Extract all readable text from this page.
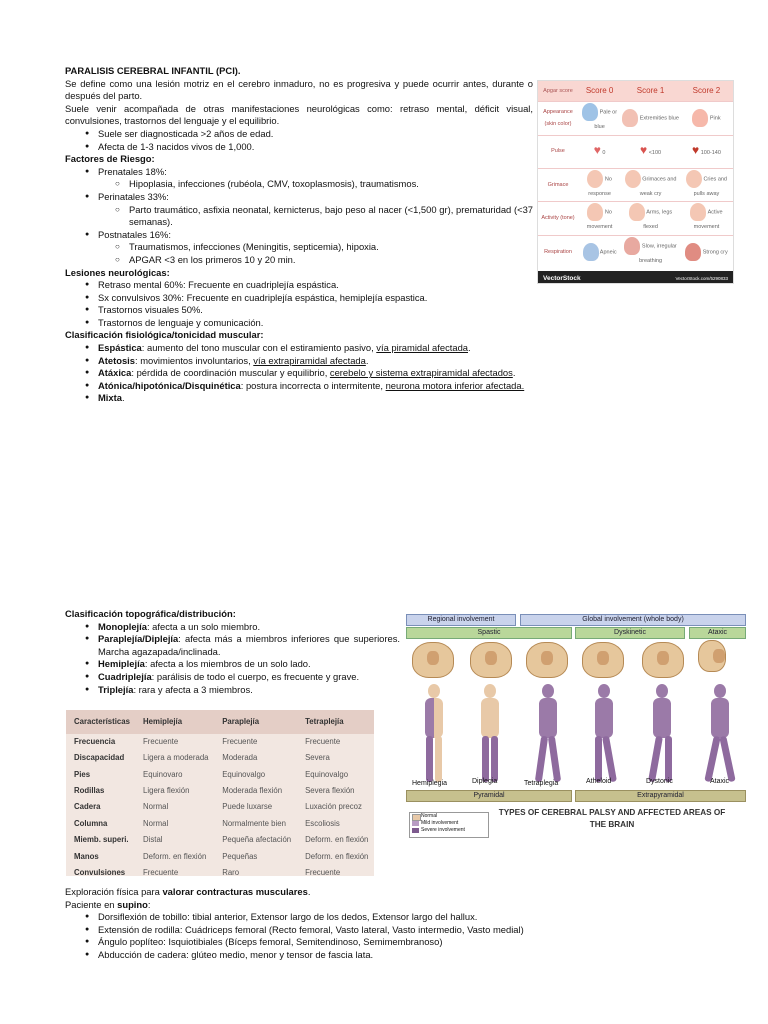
PARALISIS CEREBRAL INFANTIL (PCI).

Se define como una lesión motriz en el cerebro inmaduro, no es progresiva y puede ocurrir antes, durante o después del parto.

Suele venir acompañada de otras manifestaciones neurológicas como: retraso mental, déficit visual, convulsiones, trastornos del lenguaje y el equilibrio.

● Suele ser diagnosticada >2 años de edad.
● Afecta de 1-3 nacidos vivos de 1,000.

Factores de Riesgo:

● Prenatales 18%:
○ Hipoplasia, infecciones (rubéola, CMV, toxoplasmosis), traumatismos.
● Perinatales 33%:
○ Parto traumático, asfixia neonatal, kernicterus, bajo peso al nacer (<1,500 gr), prematuridad (<37 semanas).
● Postnatales 16%:
○ Traumatismos, infecciones (Meningitis, septicemia), hipoxia.
○ APGAR <3 en los primeros 10 y 20 min.

Lesiones neurológicas:

● Retraso mental 60%: Frecuente en cuadriplejía espástica.
● Sx convulsivos 30%: Frecuente en cuadriplejía espástica, hemiplejía espastica.
● Trastornos visuales 50%.
● Trastornos de lenguaje y comunicación.

Clasificación fisiológica/tonicidad muscular:

● Espástica: aumento del tono muscular con el estiramiento pasivo, vía piramidal afectada.
● Atetosis: movimientos involuntarios, vía extrapiramidal afectada.
● Atáxica: pérdida de coordinación muscular y equilibrio, cerebelo y sistema extrapiramidal afectados.
● Atónica/hipotónica/Disquinética: postura incorrecta o intermitente, neurona motora inferior afectada.
● Mixta.
Apgar score	Score 0	Score 1	Score 2
Appearance (skin color)	Pale or blue	Extremities blue	Pink
Pulse	♥ 0	♥ <100	♥ 100-140
Grimace	No response	Grimaces and weak cry	Cries and pulls away
Activity (tone)	No movement	Arms, legs flexed	Active movement
Respiration	Apneic	Slow, irregular breathing	Strong cry
VectorStock	VectorStock.com/5290833

Clasificación topográfica/distribución:

● Monoplejía: afecta a un solo miembro.
● Paraplejía/Diplejía: afecta más a miembros inferiores que superiores. Marcha agazapada/inclinada.
● Hemiplejía: afecta a los miembros de un solo lado.
● Cuadriplejía: parálisis de todo el cuerpo, es frecuente y grave.
● Triplejía: rara y afecta a 3 miembros.
Regional involvement	Global involvement (whole body)
Spastic	Dyskinetic	Ataxic
Hemiplegia	Diplegia	Tetraplegia	Atheloid	Dystonic	Ataxic
Pyramidal	Extrapyramidal
Normal
Mild involvement
Severe involvement
TYPES OF CEREBRAL PALSY AND AFFECTED AREAS OF THE BRAIN
Características	Hemiplejía	Paraplejía	Tetraplejía
Frecuencia	Frecuente	Frecuente	Frecuente
Discapacidad	Ligera a moderada	Moderada	Severa
Pies	Equinovaro	Equinovalgo	Equinovalgo
Rodillas	Ligera flexión	Moderada flexión	Severa flexión
Cadera	Normal	Puede luxarse	Luxación precoz
Columna	Normal	Normalmente bien	Escoliosis
Miemb. superi.	Distal	Pequeña afectación	Deform. en flexión
Manos	Deform. en flexión	Pequeñas	Deform. en flexión
Convulsiones	Frecuente	Raro	Frecuente

Exploración física para valorar contracturas musculares.

Paciente en supino:

● Dorsiflexión de tobillo: tibial anterior, Extensor largo de los dedos, Extensor largo del hallux.
● Extensión de rodilla: Cuádriceps femoral (Recto femoral, Vasto lateral, Vasto intermedio, Vasto medial)
● Ángulo poplíteo: Isquiotibiales (Bíceps femoral, Semitendinoso, Semimembranoso)
● Abducción de cadera: glúteo medio, menor y tensor de fascia lata.
